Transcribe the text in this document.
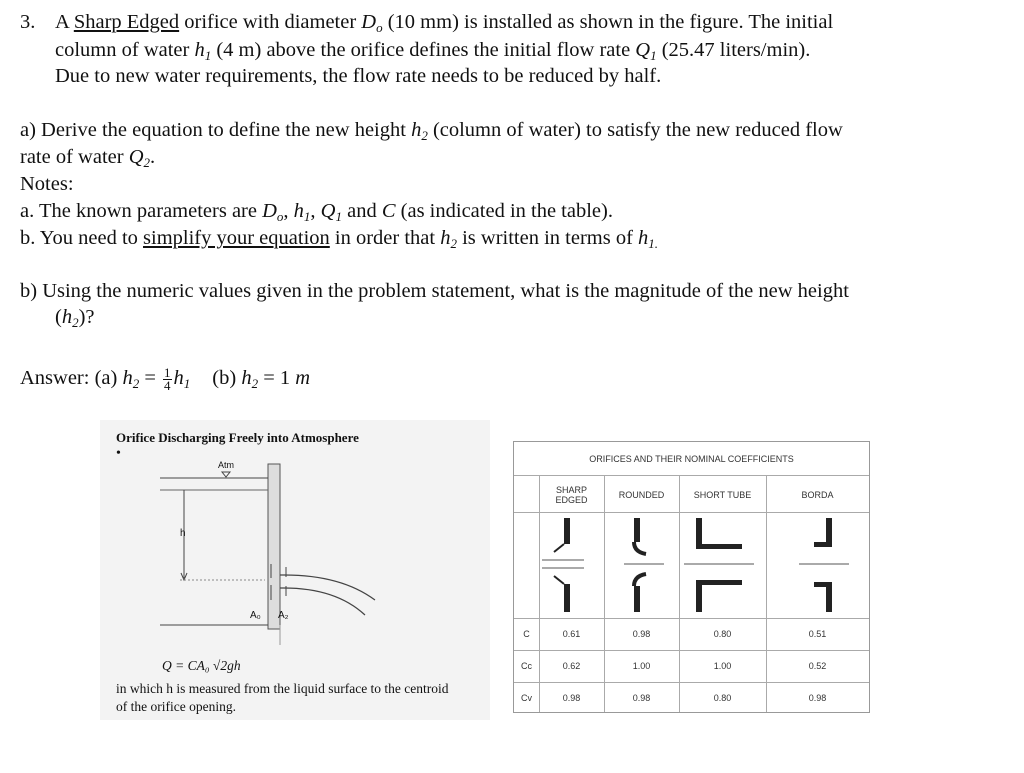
3. A Sharp Edged orifice with diameter $D_o$ (10 mm) is installed as shown in the figure. The initial
column of water $h_1$ (4 m) above the orifice defines the initial flow rate $Q_1$ (25.47 liters/min).
Due to new water requirements, the flow rate needs to be reduced by half.
a) Derive the equation to define the new height $h_2$ (column of water) to satisfy the new reduced flow
rate of water $Q_2$.
Notes:
a. The known parameters are $D_o$, $h_1$, $Q_1$ and C (as indicated in the table).
b. You need to simplify your equation in order that $h_2$ is written in terms of $h_{1.}$
b) Using the numeric values given in the problem statement, what is the magnitude of the new height
$(h_2)$?
Answer: (a) $h_2 = \frac{1}{4} h_1$ (b) $h_2 = 1$ m
Orifice Discharging Freely into Atmosphere
•
Atm
h
A₀ A₂
Q = CA₀ √2gh
in which h is measured from the liquid surface to the centroid
of the orifice opening.
ORIFICES AND THEIR NOMINAL COEFFICIENTS
SHARP
EDGED	ROUNDED	SHORT TUBE	BORDA
C	0.61	0.98	0.80	0.51
Cc	0.62	1.00	1.00	0.52
Cv	0.98	0.98	0.80	0.98
